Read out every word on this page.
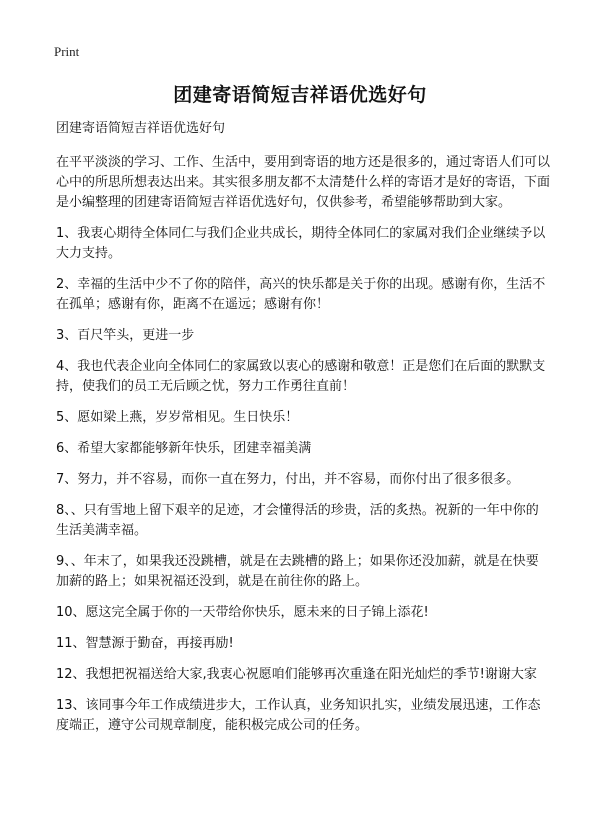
Print
团建寄语简短吉祥语优选好句

团建寄语简短吉祥语优选好句

在平平淡淡的学习、工作、生活中，要用到寄语的地方还是很多的，通过寄语人们可以心中的所思所想表达出来。其实很多朋友都不太清楚什么样的寄语才是好的寄语，下面是小编整理的团建寄语简短吉祥语优选好句，仅供参考，希望能够帮助到大家。

1、我衷心期待全体同仁与我们企业共成长，期待全体同仁的家属对我们企业继续予以大力支持。

2、幸福的生活中少不了你的陪伴，高兴的快乐都是关于你的出现。感谢有你，生活不在孤单；感谢有你，距离不在遥远；感谢有你！

3、百尺竿头，更进一步

4、我也代表企业向全体同仁的家属致以衷心的感谢和敬意！正是您们在后面的默默支持，使我们的员工无后顾之忧，努力工作勇往直前！

5、愿如梁上燕，岁岁常相见。生日快乐！

6、希望大家都能够新年快乐，团建幸福美满

7、努力，并不容易，而你一直在努力，付出，并不容易，而你付出了很多很多。

8、、只有雪地上留下艰辛的足迹，才会懂得活的珍贵，活的炙热。祝新的一年中你的生活美满幸福。

9、、年末了，如果我还没跳槽，就是在去跳槽的路上；如果你还没加薪，就是在快要加薪的路上；如果祝福还没到，就是在前往你的路上。

10、愿这完全属于你的一天带给你快乐，愿未来的日子锦上添花!

11、智慧源于勤奋，再接再励!

12、我想把祝福送给大家,我衷心祝愿咱们能够再次重逢在阳光灿烂的季节!谢谢大家

13、该同事今年工作成绩进步大，工作认真，业务知识扎实，业绩发展迅速，工作态度端正，遵守公司规章制度，能积极完成公司的任务。
